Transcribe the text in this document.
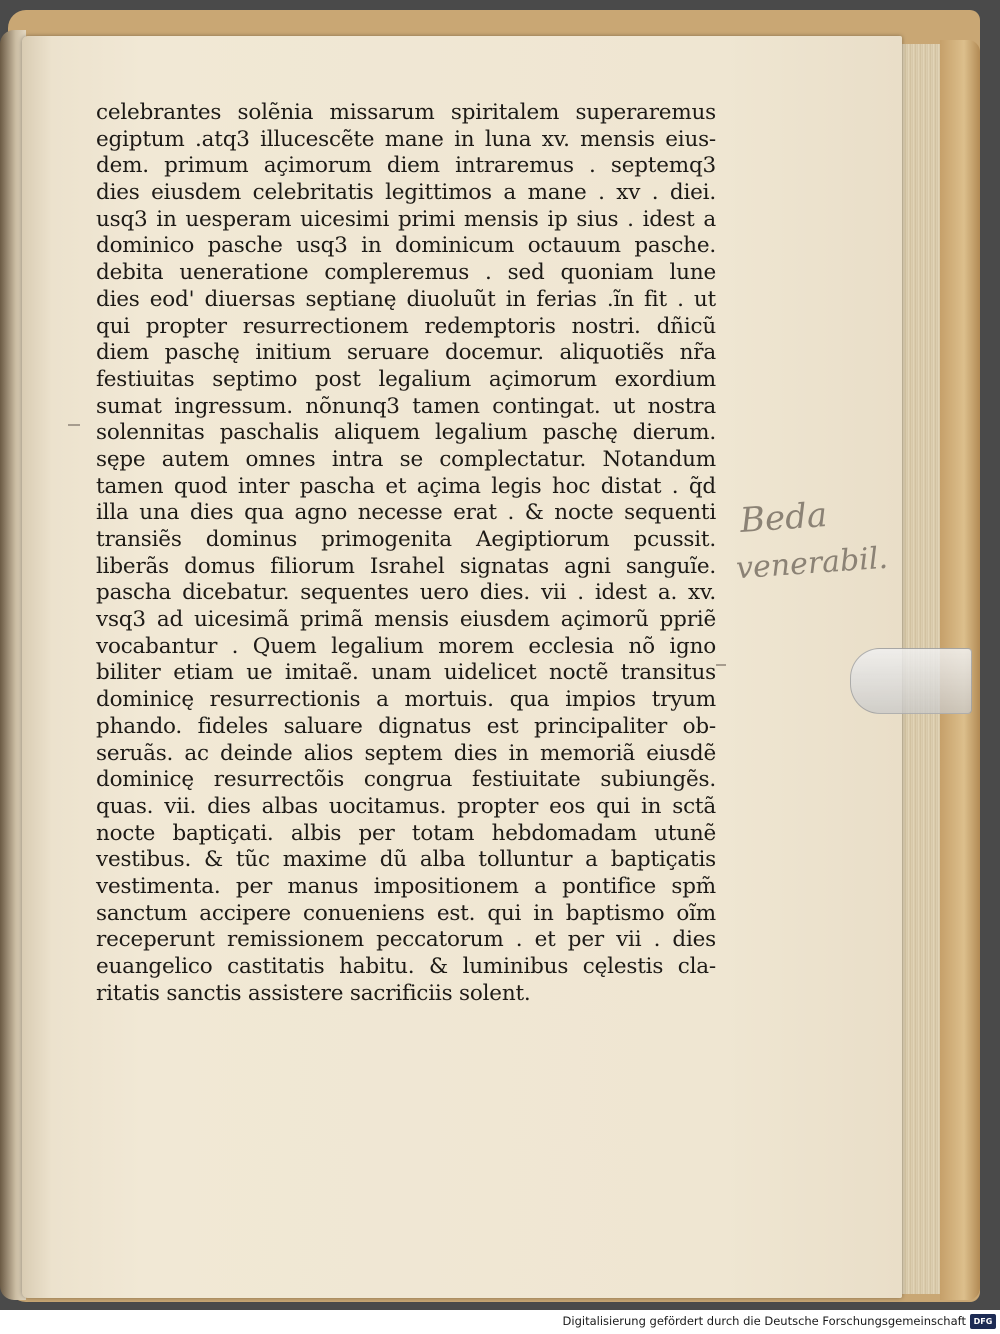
celebrantes solẽnia missarum spiritalem superaremus
egiptum .atq3 illucescẽte mane in luna xv. mensis eius-
dem. primum açimorum diem intraremus . septemq3
dies eiusdem celebritatis legittimos a mane . xv . diei.
usq3 in uesperam uicesimi primi mensis ip sius . idest a
dominico pasche usq3 in dominicum octauum pasche.
debita ueneratione compleremus . sed quoniam lune
dies eod' diuersas septianę diuoluũt in ferias .ĩn fit . ut
qui propter resurrectionem redemptoris nostri. dñicũ
diem paschę initium seruare docemur. aliquotiẽs nr̃a
festiuitas septimo post legalium açimorum exordium
sumat ingressum. nõnunq3 tamen contingat. ut nostra
solennitas paschalis aliquem legalium paschę dierum.
sępe autem omnes intra se complectatur. Notandum
tamen quod inter pascha et açima legis hoc distat . q̃d
illa una dies qua agno necesse erat . & nocte sequenti
transiẽs dominus primogenita Aegiptiorum pcussit.
liberãs domus filiorum Israhel signatas agni sanguĩe.
pascha dicebatur. sequentes uero dies. vii . idest a. xv.
vsq3 ad uicesimã primã mensis eiusdem açimorũ ppriẽ
vocabantur . Quem legalium morem ecclesia nõ igno
biliter etiam ue imitaẽ. unam uidelicet noctẽ transitus
dominicę resurrectionis a mortuis. qua impios tryum
phando. fideles saluare dignatus est principaliter ob-
seruãs. ac deinde alios septem dies in memoriã eiusdẽ
dominicę resurrectõis congrua festiuitate subiungẽs.
quas. vii. dies albas uocitamus. propter eos qui in sctã
nocte baptiçati. albis per totam hebdomadam utunẽ
vestibus. & tũc maxime dũ alba tolluntur a baptiçatis
vestimenta. per manus impositionem a pontifice spm̃
sanctum accipere conueniens est. qui in baptismo oĩm
receperunt remissionem peccatorum . et per vii . dies
euangelico castitatis habitu. & luminibus cęlestis cla-
ritatis sanctis assistere sacrificiis solent.
Beda
venerabil.
Digitalisierung gefördert durch die Deutsche Forschungsgemeinschaft DFG
